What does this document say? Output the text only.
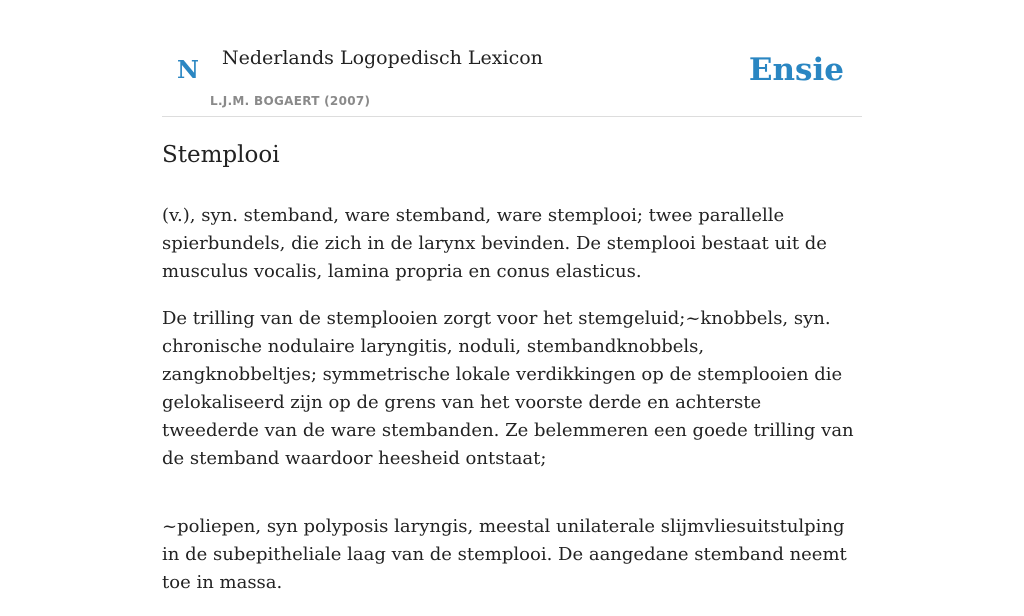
N Nederlands Logopedisch Lexicon
L.J.M. BOGAERT (2007)
Ensie
Stemplooi

(v.), syn. stemband, ware stemband, ware stemplooi; twee parallelle spierbundels, die zich in de larynx bevinden. De stemplooi bestaat uit de musculus vocalis, lamina propria en conus elasticus.

De trilling van de stemplooien zorgt voor het stemgeluid;~knobbels, syn. chronische nodulaire laryngitis, noduli, stembandknobbels, zangknobbeltjes; symmetrische lokale verdikkingen op de stemplooien die gelokaliseerd zijn op de grens van het voorste derde en achterste tweederde van de ware stembanden. Ze belemmeren een goede trilling van de stemband waardoor heesheid ontstaat;

~poliepen, syn polyposis laryngis, meestal unilaterale slijmvliesuitstulping in de subepitheliale laag van de stemplooi. De aangedane stemband neemt toe in massa.
